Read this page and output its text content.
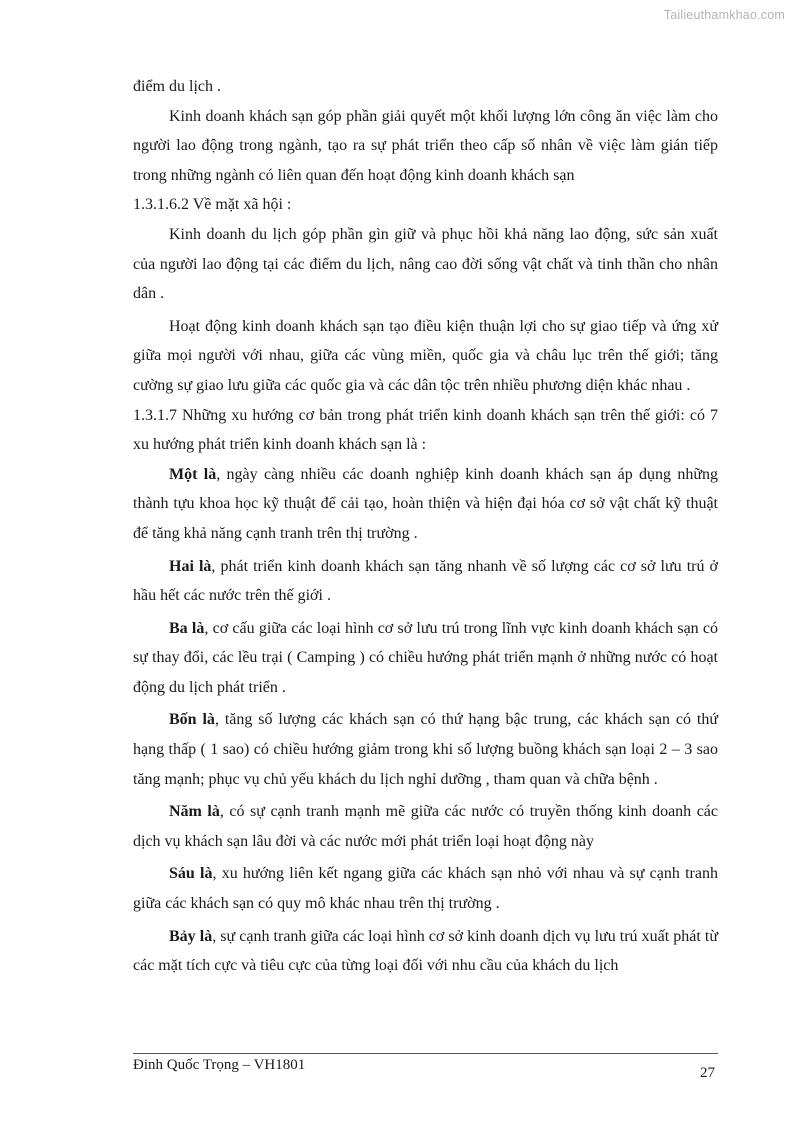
Tailieuthamkhao.com

điểm du lịch .

Kinh doanh khách sạn góp phần giải quyết một khối lượng lớn công ăn việc làm cho người lao động trong ngành, tạo ra sự phát triển theo cấp số nhân về việc làm gián tiếp trong những ngành có liên quan đến hoạt động kinh doanh khách sạn

1.3.1.6.2 Về mặt xã hội :

Kinh doanh du lịch góp phần gìn giữ và phục hồi khả năng lao động, sức sản xuất của người lao động tại các điểm du lịch, nâng cao đời sống vật chất và tinh thần cho nhân dân .

Hoạt động kinh doanh khách sạn tạo điều kiện thuận lợi cho sự giao tiếp và ứng xử giữa mọi người với nhau, giữa các vùng miền, quốc gia và châu lục trên thế giới; tăng cường sự giao lưu giữa các quốc gia và các dân tộc trên nhiều phương diện khác nhau .

1.3.1.7 Những xu hướng cơ bản trong phát triển kinh doanh khách sạn trên thế giới: có 7 xu hướng phát triển kinh doanh khách sạn là :

Một là, ngày càng nhiều các doanh nghiệp kinh doanh khách sạn áp dụng những thành tựu khoa học kỹ thuật để cải tạo, hoàn thiện và hiện đại hóa cơ sở vật chất kỹ thuật để tăng khả năng cạnh tranh trên thị trường .

Hai là, phát triển kinh doanh khách sạn tăng nhanh về số lượng các cơ sở lưu trú ở hầu hết các nước trên thế giới .

Ba là, cơ cấu giữa các loại hình cơ sở lưu trú trong lĩnh vực kinh doanh khách sạn có sự thay đổi, các lều trại ( Camping ) có chiều hướng phát triển mạnh ở những nước có hoạt động du lịch phát triển .

Bốn là, tăng số lượng các khách sạn có thứ hạng bậc trung, các khách sạn có thứ hạng thấp ( 1 sao) có chiều hướng giảm trong khi số lượng buồng khách sạn loại 2 – 3 sao tăng mạnh; phục vụ chủ yếu khách du lịch nghỉ dưỡng , tham quan và chữa bệnh .

Năm là, có sự cạnh tranh mạnh mẽ giữa các nước có truyền thống kinh doanh các dịch vụ khách sạn lâu đời và các nước mới phát triển loại hoạt động này

Sáu là, xu hướng liên kết ngang giữa các khách sạn nhỏ với nhau và sự cạnh tranh giữa các khách sạn có quy mô khác nhau trên thị trường .

Bảy là, sự cạnh tranh giữa các loại hình cơ sở kinh doanh dịch vụ lưu trú xuất phát từ các mặt tích cực và tiêu cực của từng loại đối với nhu cầu của khách du lịch

Đinh Quốc Trọng – VH1801	27
